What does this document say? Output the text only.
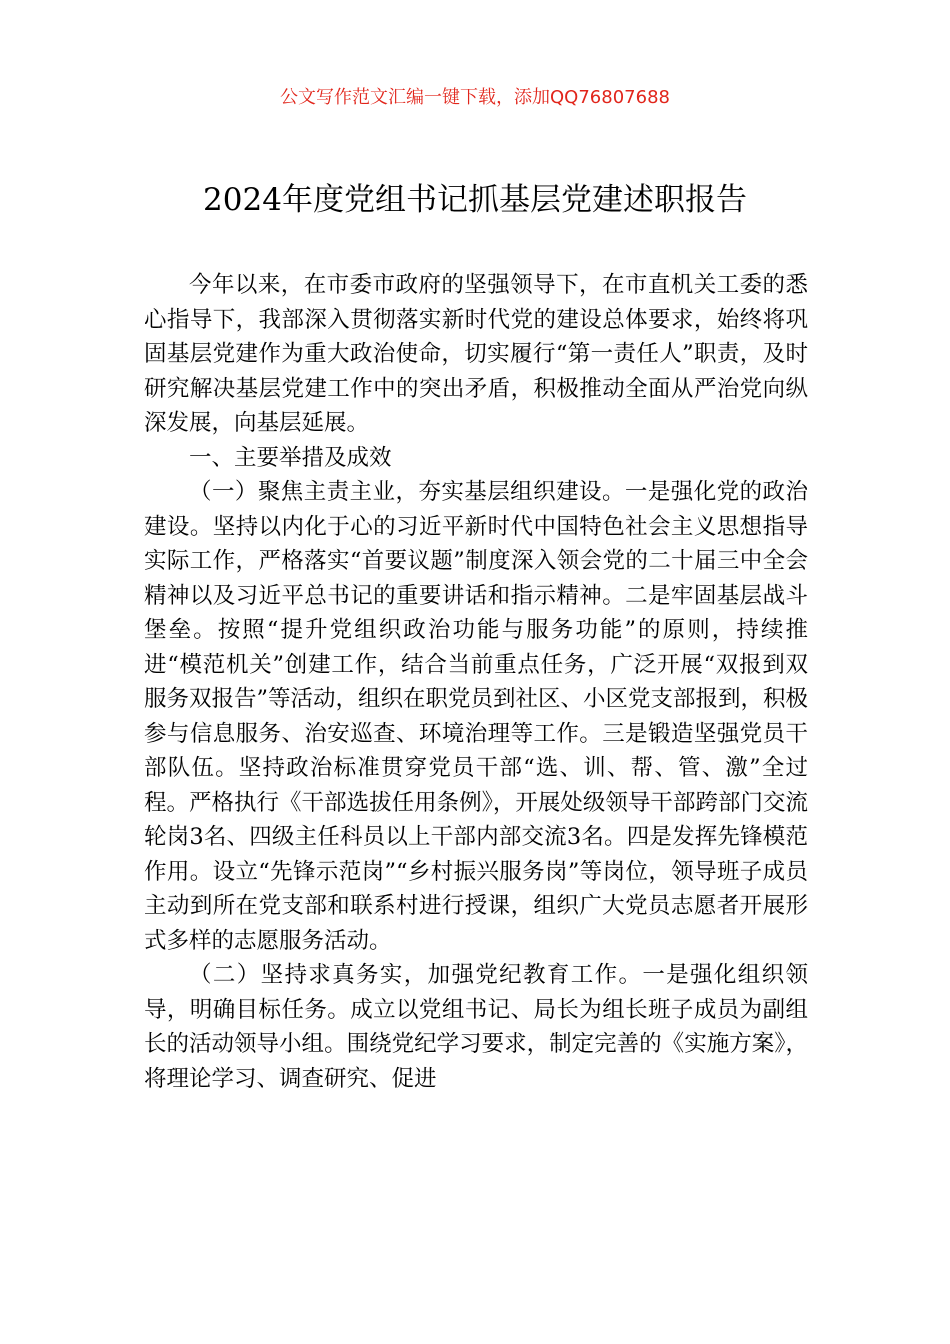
公文写作范文汇编一键下载，添加QQ76807688
2024年度党组书记抓基层党建述职报告

今年以来，在市委市政府的坚强领导下，在市直机关工委的悉心指导下，我部深入贯彻落实新时代党的建设总体要求，始终将巩固基层党建作为重大政治使命，切实履行“第一责任人”职责，及时研究解决基层党建工作中的突出矛盾，积极推动全面从严治党向纵深发展，向基层延展。

一、主要举措及成效

（一）聚焦主责主业，夯实基层组织建设。一是强化党的政治建设。坚持以内化于心的习近平新时代中国特色社会主义思想指导实际工作，严格落实“首要议题”制度深入领会党的二十届三中全会精神以及习近平总书记的重要讲话和指示精神。二是牢固基层战斗堡垒。按照“提升党组织政治功能与服务功能”的原则，持续推进“模范机关”创建工作，结合当前重点任务，广泛开展“双报到双服务双报告”等活动，组织在职党员到社区、小区党支部报到，积极参与信息服务、治安巡查、环境治理等工作。三是锻造坚强党员干部队伍。坚持政治标准贯穿党员干部“选、训、帮、管、激”全过程。严格执行《干部选拔任用条例》，开展处级领导干部跨部门交流轮岗3名、四级主任科员以上干部内部交流3名。四是发挥先锋模范作用。设立“先锋示范岗”“乡村振兴服务岗”等岗位，领导班子成员主动到所在党支部和联系村进行授课，组织广大党员志愿者开展形式多样的志愿服务活动。

（二）坚持求真务实，加强党纪教育工作。一是强化组织领导，明确目标任务。成立以党组书记、局长为组长班子成员为副组长的活动领导小组。围绕党纪学习要求，制定完善的《实施方案》，将理论学习、调查研究、促进
